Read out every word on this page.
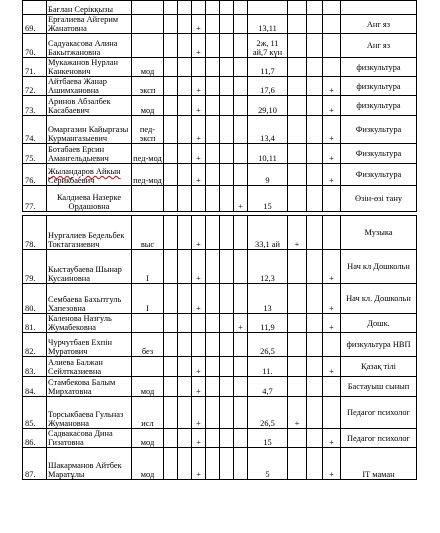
	Бағлан Серікқызы												
69.	Ерғалиева Айгерим Жанатовна				+				13,11				Анг яз
70.	Садуакасова Алина Бакытжановна				+				2ж, 11 ай,7 күн				Анг яз
71.	Мукажанов Нурлан Канкенович	мод							11,7				физкультура
72.	Айтбаева Жанар Ашимхановна	эксп			+				17,6			+	физкультура
73.	Аринов Абзалбек Касабаевич	мод			+				29,10			+	физкультура
74.	Омаргазин Кайыргазы Курмангазыевич	пед-эксп			+				13,4			+	Физкультура
75.	Ботабаев Ерсин Амангельдыевич	пед-мод			+				10,11			+	Физкультура
76.	Жыландаров Айкын Серикбаевич	пед-мод			+				9			+	Физкультура
77.	Калдиева Назерке Ордашовна							+	15				Өзін-өзі тану

78.	Нургалиев Бедельбек Токтагазиевич	выс			+				33,1 ай	+			Музыка
79.	Кыстаубаева Шынар Кусаиновна	I			+				12,3			+	Нач кл Дошкольн
80.	Сембаева Бахытгуль Хапезовна	I			+				13			+	Нач кл. Дошкольн
81.	Каленова Назгуль Жумабековна							+	11,9			+	Дошк.
82.	Чурчутбаев Ехпін Муратович	без							26,5				физкультура НВП
83.	Алиева Балжан Сейлтказиевна				+				11.			+	Қазақ тілі
84.	Стамбекова Балым Мирхатовна	мод			+				4,7				Бастауыш сынып
85.	Торсыкбаева Гульназ Жумановна	исл			+				26,5	+			Педагог психолог
86.	Садвакасова Дина Гизатовна	мод			+				15			+	Педагог психолог
87.	Шакарманов Айтбек Маратұлы	мод			+				5			+	IT маман
